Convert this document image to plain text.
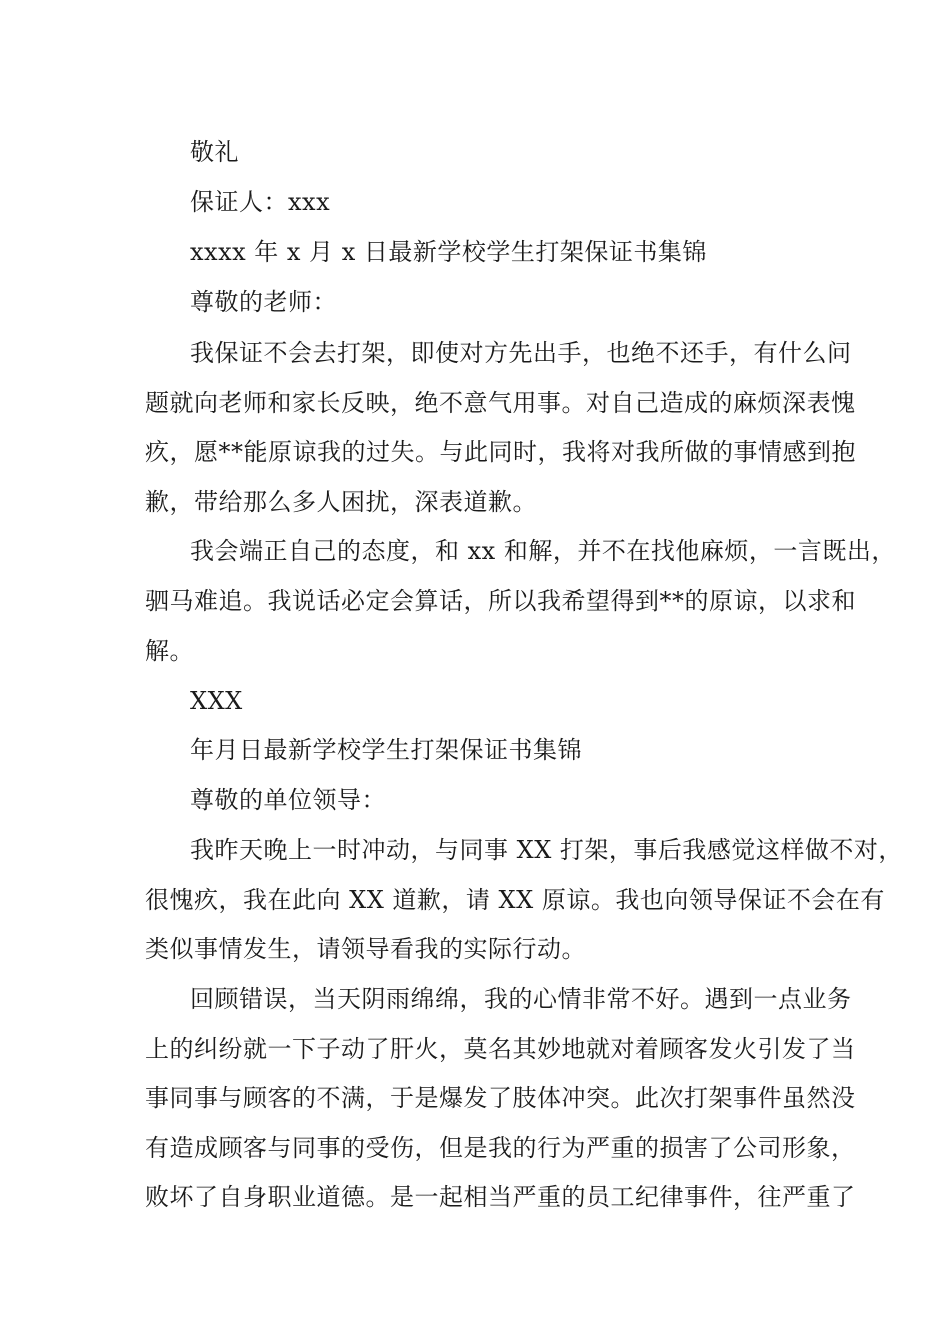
敬礼
保证人：xxx
xxxx 年 x 月 x 日最新学校学生打架保证书集锦
尊敬的老师：
我保证不会去打架，即使对方先出手，也绝不还手，有什么问
题就向老师和家长反映，绝不意气用事。对自己造成的麻烦深表愧
疚，愿**能原谅我的过失。与此同时，我将对我所做的事情感到抱
歉，带给那么多人困扰，深表道歉。
我会端正自己的态度，和 xx 和解，并不在找他麻烦，一言既出，
驷马难追。我说话必定会算话，所以我希望得到**的原谅，以求和
解。
XXX
年月日最新学校学生打架保证书集锦
尊敬的单位领导：
我昨天晚上一时冲动，与同事 XX 打架，事后我感觉这样做不对，
很愧疚，我在此向 XX 道歉，请 XX 原谅。我也向领导保证不会在有
类似事情发生，请领导看我的实际行动。
回顾错误，当天阴雨绵绵，我的心情非常不好。遇到一点业务
上的纠纷就一下子动了肝火，莫名其妙地就对着顾客发火引发了当
事同事与顾客的不满，于是爆发了肢体冲突。此次打架事件虽然没
有造成顾客与同事的受伤，但是我的行为严重的损害了公司形象，
败坏了自身职业道德。是一起相当严重的员工纪律事件，往严重了
